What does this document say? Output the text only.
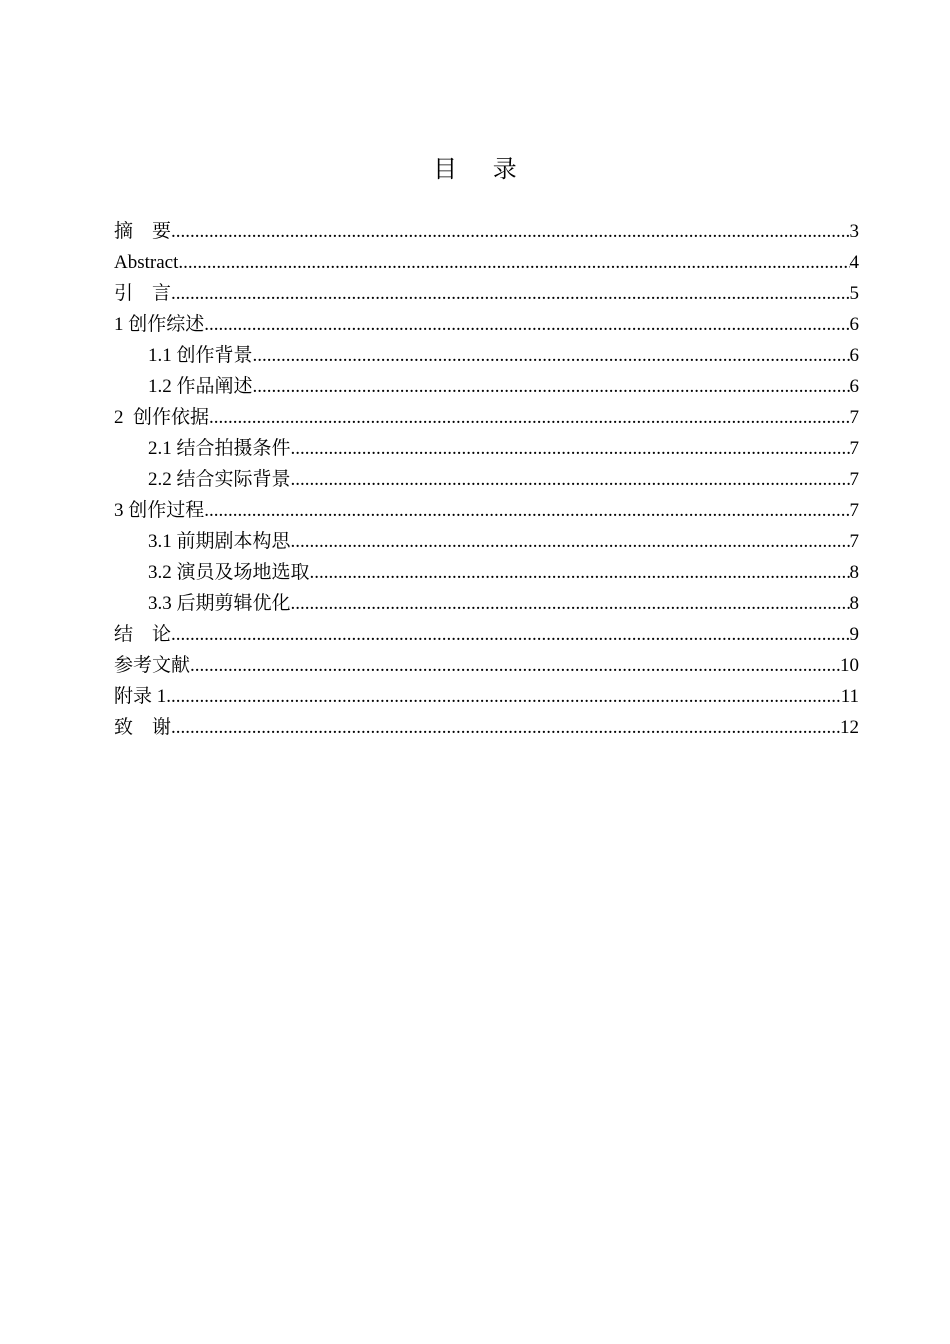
目 录
摘 要 .....	3
Abstract .....	4
引 言 .....	5
1 创作综述 .....	6
1.1 创作背景 .....	6
1.2 作品阐述 .....	6
2  创作依据 .....	7
2.1 结合拍摄条件 .....	7
2.2 结合实际背景 .....	7
3 创作过程 .....	7
3.1 前期剧本构思 .....	7
3.2 演员及场地选取 .....	8
3.3 后期剪辑优化 .....	8
结 论 .....	9
参考文献 .....	10
附录 1 .....	11
致 谢 .....	12
